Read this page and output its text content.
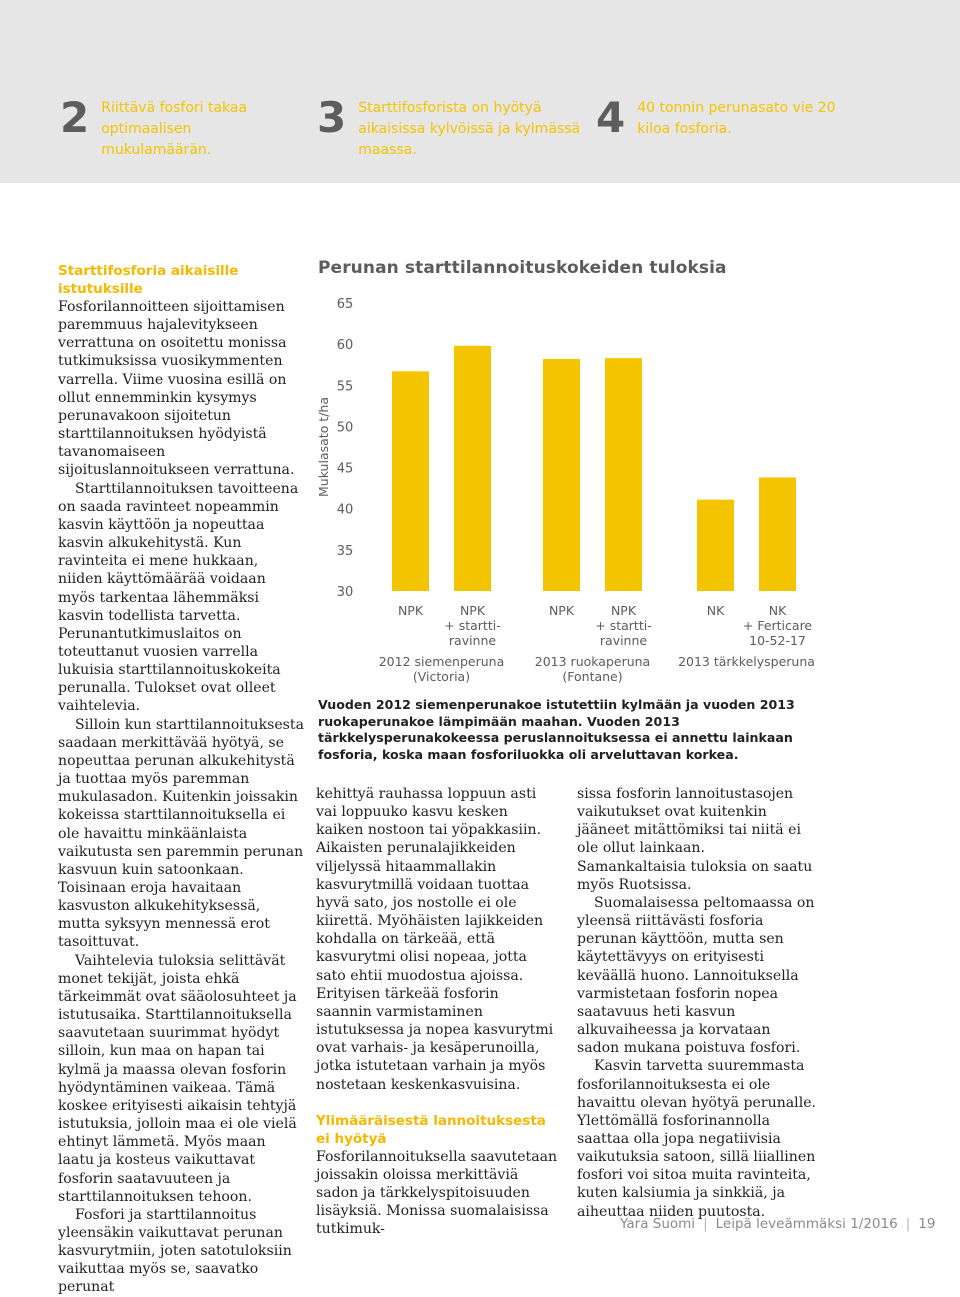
2 Riittävä fosfori takaa optimaalisen mukulamäärän.
3 Starttifosforista on hyötyä aikaisissa kylvöissä ja kylmässä maassa.
4 40 tonnin perunasato vie 20 kiloa fosforia.
Starttifosforia aikaisille istutuksille

Fosforilannoitteen sijoittamisen paremmuus hajalevitykseen verrattuna on osoitettu monissa tutkimuksissa vuosikymmenten varrella. Viime vuosina esillä on ollut ennemminkin kysymys perunavakoon sijoitetun starttilannoituksen hyödyistä tavanomaiseen sijoituslannoitukseen verrattuna.

Starttilannoituksen tavoitteena on saada ravinteet nopeammin kasvin käyttöön ja nopeuttaa kasvin alkukehitystä. Kun ravinteita ei mene hukkaan, niiden käyttömäärää voidaan myös tarkentaa lähemmäksi kasvin todellista tarvetta. Perunantutkimuslaitos on toteuttanut vuosien varrella lukuisia starttilannoituskokeita perunalla. Tulokset ovat olleet vaihtelevia.

Silloin kun starttilannoituksesta saadaan merkittävää hyötyä, se nopeuttaa perunan alkukehitystä ja tuottaa myös paremman mukulasadon. Kuitenkin joissakin kokeissa starttilannoituksella ei ole havaittu minkäänlaista vaikutusta sen paremmin perunan kasvuun kuin satoonkaan. Toisinaan eroja havaitaan kasvuston alkukehityksessä, mutta syksyyn mennessä erot tasoittuvat.

Vaihtelevia tuloksia selittävät monet tekijät, joista ehkä tärkeimmät ovat sääolosuhteet ja istutusaika. Starttilannoituksella saavutetaan suurimmat hyödyt silloin, kun maa on hapan tai kylmä ja maassa olevan fosforin hyödyntäminen vaikeaa. Tämä koskee erityisesti aikaisin tehtyjä istutuksia, jolloin maa ei ole vielä ehtinyt lämmetä. Myös maan laatu ja kosteus vaikuttavat fosforin saatavuuteen ja starttilannoituksen tehoon.

Fosfori ja starttilannoitus yleensäkin vaikuttavat perunan kasvurytmiin, joten satotuloksiin vaikuttaa myös se, saavatko perunat

Perunan starttilannoituskokeiden tuloksia
Mukulasato t/ha
30
35
40
45
50
55
60
65
NPK	NPK
+ startti-
ravinne
2012 siemenperuna
(Victoria)
NPK	NPK
+ startti-
ravinne
2013 ruokaperuna
(Fontane)
NK	NK
+ Ferticare
10-52-17
2013 tärkkelysperuna
Vuoden 2012 siemenperunakoe istutettiin kylmään ja vuoden 2013 ruokaperunakoe lämpimään maahan. Vuoden 2013 tärkkelysperunakokeessa peruslannoituksessa ei annettu lainkaan fosforia, koska maan fosforiluokka oli arveluttavan korkea.

kehittyä rauhassa loppuun asti vai loppuuko kasvu kesken kaiken nostoon tai yöpakkasiin. Aikaisten perunalajikkeiden viljelyssä hitaammallakin kasvurytmillä voidaan tuottaa hyvä sato, jos nostolle ei ole kiirettä. Myöhäisten lajikkeiden kohdalla on tärkeää, että kasvurytmi olisi nopeaa, jotta sato ehtii muodostua ajoissa. Erityisen tärkeää fosforin saannin varmistaminen istutuksessa ja nopea kasvurytmi ovat varhais- ja kesäperunoilla, jotka istutetaan varhain ja myös nostetaan keskenkasvuisina.

Ylimääräisestä lannoituksesta ei hyötyä

Fosforilannoituksella saavutetaan joissakin oloissa merkittäviä sadon ja tärkkelyspitoisuuden lisäyksiä. Monissa suomalaisissa tutkimuk-

sissa fosforin lannoitustasojen vaikutukset ovat kuitenkin jääneet mitättömiksi tai niitä ei ole ollut lainkaan. Samankaltaisia tuloksia on saatu myös Ruotsissa.

Suomalaisessa peltomaassa on yleensä riittävästi fosforia perunan käyttöön, mutta sen käytettävyys on erityisesti keväällä huono. Lannoituksella varmistetaan fosforin nopea saatavuus heti kasvun alkuvaiheessa ja korvataan sadon mukana poistuva fosfori.

Kasvin tarvetta suuremmasta fosforilannoituksesta ei ole havaittu olevan hyötyä perunalle. Ylettömällä fosforinannolla saattaa olla jopa negatiivisia vaikutuksia satoon, sillä liiallinen fosfori voi sitoa muita ravinteita, kuten kalsiumia ja sinkkiä, ja aiheuttaa niiden puutosta.

Yara Suomi | Leipä leveämmäksi 1/2016 | 19
